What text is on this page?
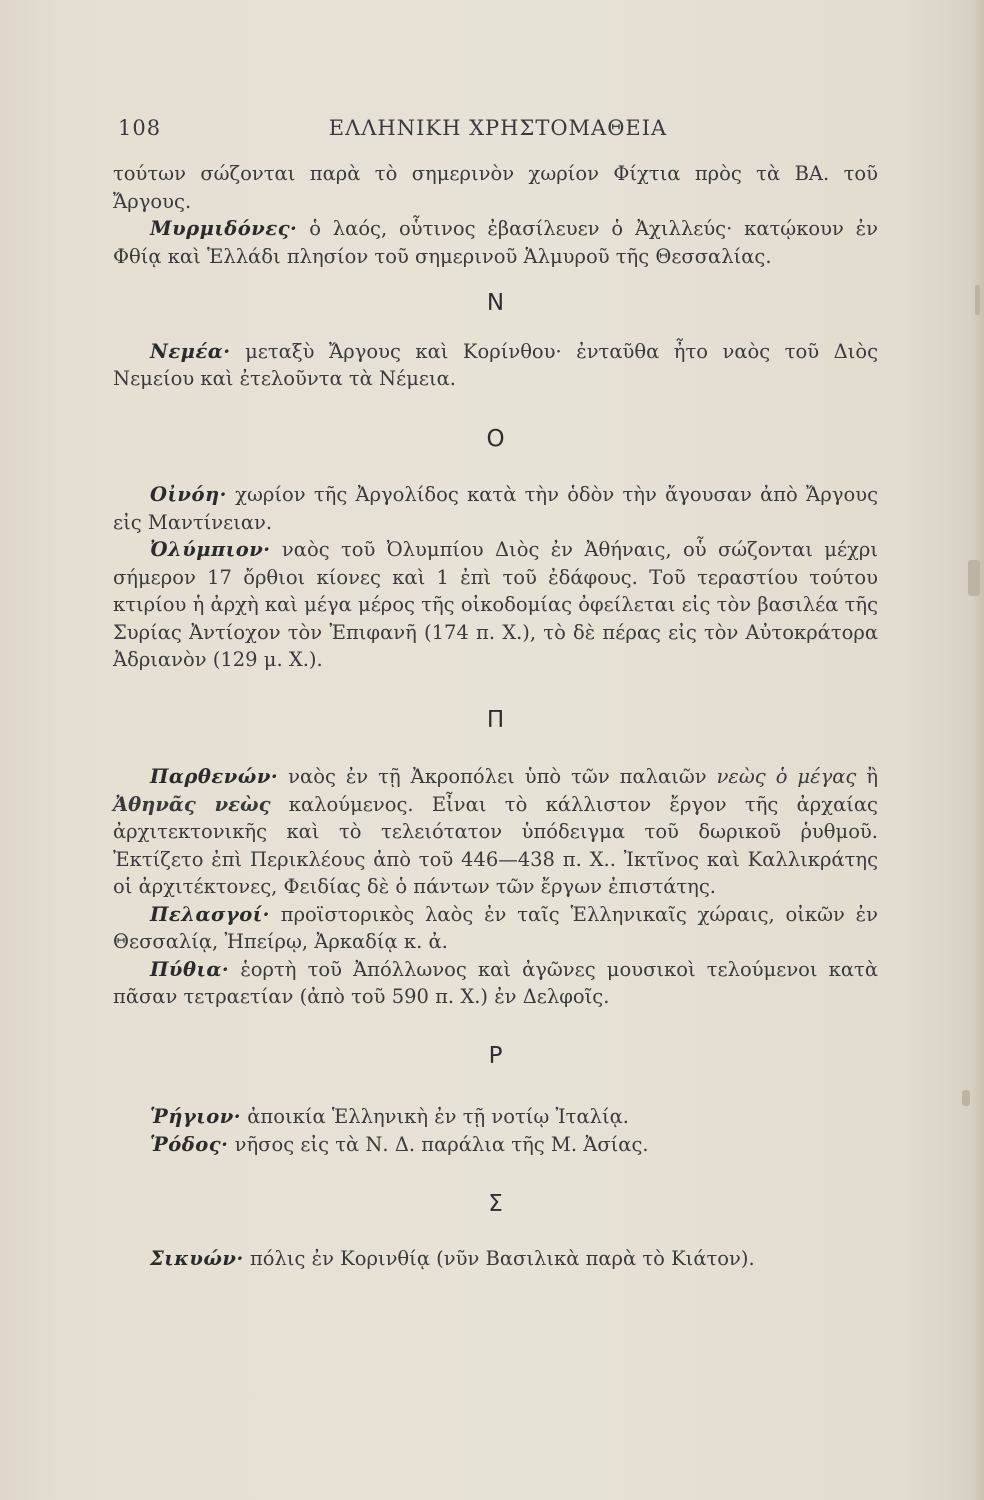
108	ΕΛΛΗΝΙΚΗ ΧΡΗΣΤΟΜΑΘΕΙΑ

τούτων σώζονται παρὰ τὸ σημερινὸν χωρίον Φίχτια πρὸς τὰ ΒΑ. τοῦ Ἄργους.

Μυρμιδόνες· ὁ λαός, οὗτινος ἐβασίλευεν ὁ Ἀχιλλεύς· κατῴκουν ἐν Φθίᾳ καὶ Ἑλλάδι πλησίον τοῦ σημερινοῦ Ἁλμυροῦ τῆς Θεσσαλίας.

Ν

Νεμέα· μεταξὺ Ἄργους καὶ Κορίνθου· ἐνταῦθα ἦτο ναὸς τοῦ Διὸς Νεμείου καὶ ἐτελοῦντα τὰ Νέμεια.

Ο

Οἰνόη· χωρίον τῆς Ἀργολίδος κατὰ τὴν ὁδὸν τὴν ἄγουσαν ἀπὸ Ἄργους εἰς Μαντίνειαν.

Ὀλύμπιον· ναὸς τοῦ Ὀλυμπίου Διὸς ἐν Ἀθήναις, οὗ σώζονται μέχρι σήμερον 17 ὄρθιοι κίονες καὶ 1 ἐπὶ τοῦ ἐδάφους. Τοῦ τεραστίου τούτου κτιρίου ἡ ἀρχὴ καὶ μέγα μέρος τῆς οἰκοδομίας ὀφείλεται εἰς τὸν βασιλέα τῆς Συρίας Ἀντίοχον τὸν Ἐπιφανῆ (174 π. Χ.), τὸ δὲ πέρας εἰς τὸν Αὐτοκράτορα Ἀδριανὸν (129 μ. Χ.).

Π

Παρθενών· ναὸς ἐν τῇ Ἀκροπόλει ὑπὸ τῶν παλαιῶν νεὼς ὁ μέγας ἢ Ἀθηνᾶς νεὼς καλούμενος. Εἶναι τὸ κάλλιστον ἔργον τῆς ἀρχαίας ἀρχιτεκτονικῆς καὶ τὸ τελειότατον ὑπόδειγμα τοῦ δωρικοῦ ῥυθμοῦ. Ἐκτίζετο ἐπὶ Περικλέους ἀπὸ τοῦ 446—438 π. Χ.. Ἰκτῖνος καὶ Καλλικράτης οἱ ἀρχιτέκτονες, Φειδίας δὲ ὁ πάντων τῶν ἔργων ἐπιστάτης.

Πελασγοί· προϊστορικὸς λαὸς ἐν ταῖς Ἑλληνικαῖς χώραις, οἰκῶν ἐν Θεσσαλίᾳ, Ἠπείρῳ, Ἀρκαδίᾳ κ. ἀ.

Πύθια· ἑορτὴ τοῦ Ἀπόλλωνος καὶ ἀγῶνες μουσικοὶ τελούμενοι κατὰ πᾶσαν τετραετίαν (ἀπὸ τοῦ 590 π. Χ.) ἐν Δελφοῖς.

Ρ

Ῥήγιον· ἀποικία Ἑλληνικὴ ἐν τῇ νοτίῳ Ἰταλίᾳ.

Ῥόδος· νῆσος εἰς τὰ Ν. Δ. παράλια τῆς Μ. Ἀσίας.

Σ

Σικυών· πόλις ἐν Κορινθίᾳ (νῦν Βασιλικὰ παρὰ τὸ Κιάτον).
